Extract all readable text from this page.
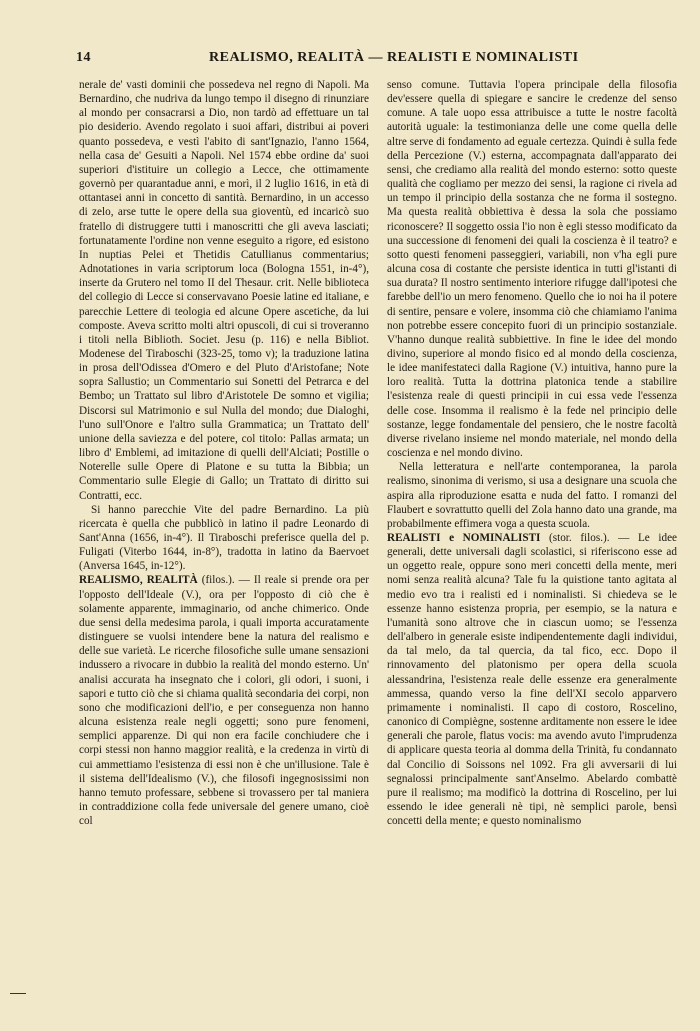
14	REALISMO, REALITÀ — REALISTI E NOMINALISTI

nerale de' vasti dominii che possedeva nel regno di Napoli. Ma Bernardino, che nudriva da lungo tempo il disegno di rinunziare al mondo per consacrarsi a Dio, non tardò ad effettuare un tal pio desiderio. Avendo regolato i suoi affari, distribui ai poveri quanto possedeva, e vestì l'abito di sant'Ignazio, l'anno 1564, nella casa de' Gesuiti a Napoli. Nel 1574 ebbe ordine da' suoi superiori d'istituire un collegio a Lecce, che ottimamente governò per quarantadue anni, e morì, il 2 luglio 1616, in età di ottantasei anni in concetto di santità. Bernardino, in un accesso di zelo, arse tutte le opere della sua gioventù, ed incaricò suo fratello di distruggere tutti i manoscritti che gli aveva lasciati; fortunatamente l'ordine non venne eseguito a rigore, ed esistono In nuptias Pelei et Thetidis Catullianus commentarius; Adnotationes in varia scriptorum loca (Bologna 1551, in-4°), inserte da Grutero nel tomo II del Thesaur. crit. Nelle biblioteca del collegio di Lecce si conservavano Poesie latine ed italiane, e parecchie Lettere di teologia ed alcune Opere ascetiche, da lui composte. Aveva scritto molti altri opuscoli, di cui si troveranno i titoli nella Biblioth. Societ. Jesu (p. 116) e nella Bibliot. Modenese del Tiraboschi (323-25, tomo v); la traduzione latina in prosa dell'Odissea d'Omero e del Pluto d'Aristofane; Note sopra Sallustio; un Commentario sui Sonetti del Petrarca e del Bembo; un Trattato sul libro d'Aristotele De somno et vigilia; Discorsi sul Matrimonio e sul Nulla del mondo; due Dialoghi, l'uno sull'Onore e l'altro sulla Grammatica; un Trattato dell' unione della saviezza e del potere, col titolo: Pallas armata; un libro d' Emblemi, ad imitazione di quelli dell'Alciati; Postille o Noterelle sulle Opere di Platone e su tutta la Bibbia; un Commentario sulle Elegie di Gallo; un Trattato di diritto sui Contratti, ecc.

Si hanno parecchie Vite del padre Bernardino. La più ricercata è quella che pubblicò in latino il padre Leonardo di Sant'Anna (1656, in-4°). Il Tiraboschi preferisce quella del p. Fuligati (Viterbo 1644, in-8°), tradotta in latino da Baervoet (Anversa 1645, in-12°).

REALISMO, REALITÀ (filos.). — Il reale si prende ora per l'opposto dell'Ideale (V.), ora per l'opposto di ciò che è solamente apparente, immaginario, od anche chimerico. Onde due sensi della medesima parola, i quali importa accuratamente distinguere se vuolsi intendere bene la natura del realismo e delle sue varietà. Le ricerche filosofiche sulle umane sensazioni indussero a rivocare in dubbio la realità del mondo esterno. Un' analisi accurata ha insegnato che i colori, gli odori, i suoni, i sapori e tutto ciò che si chiama qualità secondaria dei corpi, non sono che modificazioni dell'io, e per conseguenza non hanno alcuna esistenza reale negli oggetti; sono pure fenomeni, semplici apparenze. Di qui non era facile conchiudere che i corpi stessi non hanno maggior realità, e la credenza in virtù di cui ammettiamo l'esistenza di essi non è che un'illusione. Tale è il sistema dell'Idealismo (V.), che filosofi ingegnosissimi non hanno temuto professare, sebbene si trovassero per tal maniera in contraddizione colla fede universale del genere umano, cioè col

senso comune. Tuttavia l'opera principale della filosofia dev'essere quella di spiegare e sancire le credenze del senso comune. A tale uopo essa attribuisce a tutte le nostre facoltà autorità uguale: la testimonianza delle une come quella delle altre serve di fondamento ad eguale certezza. Quindi è sulla fede della Percezione (V.) esterna, accompagnata dall'apparato dei sensi, che crediamo alla realità del mondo esterno: sotto queste qualità che cogliamo per mezzo dei sensi, la ragione ci rivela ad un tempo il principio della sostanza che ne forma il sostegno. Ma questa realità obbiettiva è dessa la sola che possiamo riconoscere? Il soggetto ossia l'io non è egli stesso modificato da una successione di fenomeni dei quali la coscienza è il teatro? e sotto questi fenomeni passeggieri, variabili, non v'ha egli pure alcuna cosa di costante che persiste identica in tutti gl'istanti di sua durata? Il nostro sentimento interiore rifugge dall'ipotesi che farebbe dell'io un mero fenomeno. Quello che io noi ha il potere di sentire, pensare e volere, insomma ciò che chiamiamo l'anima non potrebbe essere concepito fuori di un principio sostanziale. V'hanno dunque realità subbiettive. In fine le idee del mondo divino, superiore al mondo fisico ed al mondo della coscienza, le idee manifestateci dalla Ragione (V.) intuitiva, hanno pure la loro realità. Tutta la dottrina platonica tende a stabilire l'esistenza reale di questi principii in cui essa vede l'essenza delle cose. Insomma il realismo è la fede nel principio delle sostanze, legge fondamentale del pensiero, che le nostre facoltà diverse rivelano insieme nel mondo materiale, nel mondo della coscienza e nel mondo divino.

Nella letteratura e nell'arte contemporanea, la parola realismo, sinonima di verismo, si usa a designare una scuola che aspira alla riproduzione esatta e nuda del fatto. I romanzi del Flaubert e sovrattutto quelli del Zola hanno dato una grande, ma probabilmente effimera voga a questa scuola.

REALISTI e NOMINALISTI (stor. filos.). — Le idee generali, dette universali dagli scolastici, si riferiscono esse ad un oggetto reale, oppure sono meri concetti della mente, meri nomi senza realità alcuna? Tale fu la quistione tanto agitata al medio evo tra i realisti ed i nominalisti. Si chiedeva se le essenze hanno esistenza propria, per esempio, se la natura e l'umanità sono altrove che in ciascun uomo; se l'essenza dell'albero in generale esiste indipendentemente dagli individui, da tal melo, da tal quercia, da tal fico, ecc. Dopo il rinnovamento del platonismo per opera della scuola alessandrina, l'esistenza reale delle essenze era generalmente ammessa, quando verso la fine dell'XI secolo apparvero primamente i nominalisti. Il capo di costoro, Roscelino, canonico di Compiègne, sostenne arditamente non essere le idee generali che parole, flatus vocis: ma avendo avuto l'imprudenza di applicare questa teoria al domma della Trinità, fu condannato dal Concilio di Soissons nel 1092. Fra gli avversarii di lui segnalossi principalmente sant'Anselmo. Abelardo combattè pure il realismo; ma modificò la dottrina di Roscelino, per lui essendo le idee generali nè tipi, nè semplici parole, bensì concetti della mente; e questo nominalismo
